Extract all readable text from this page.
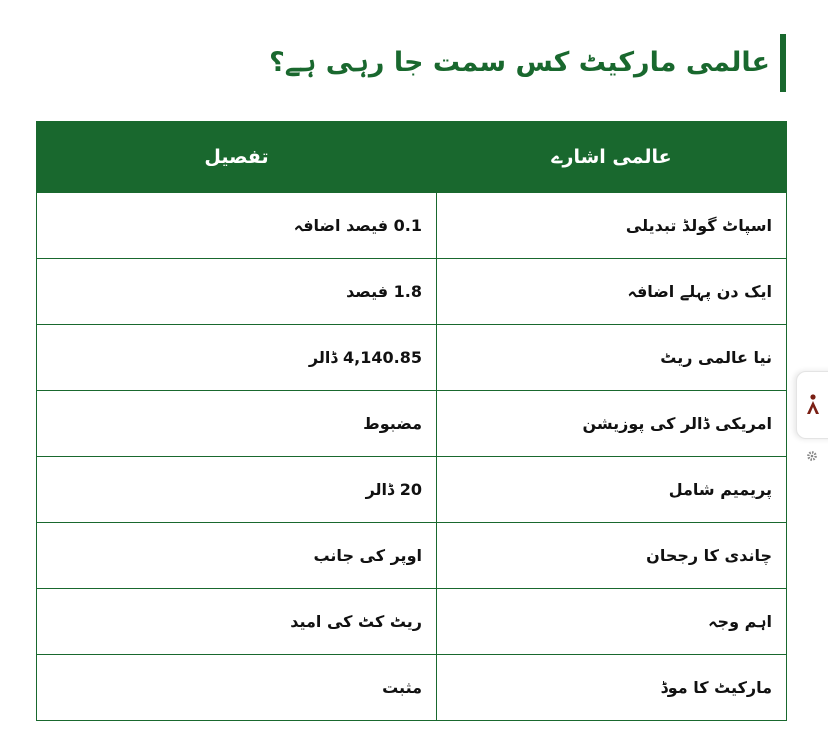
عالمی مارکیٹ کس سمت جا رہی ہے؟
عالمی اشارے	تفصیل
اسپاٹ گولڈ تبدیلی	0.1 فیصد اضافہ
ایک دن پہلے اضافہ	1.8 فیصد
نیا عالمی ریٹ	4,140.85 ڈالر
امریکی ڈالر کی پوزیشن	مضبوط
پریمیم شامل	20 ڈالر
چاندی کا رجحان	اوپر کی جانب
اہم وجہ	ریٹ کٹ کی امید
مارکیٹ کا موڈ	مثبت
